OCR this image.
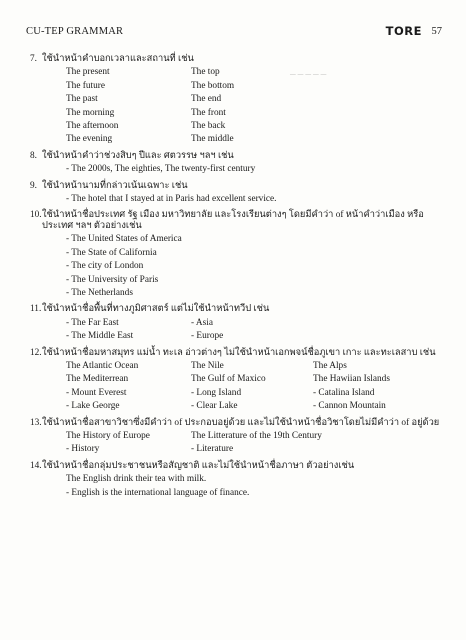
CU-TEP GRAMMAR	TORE 57
─ ─ ─ ─ ─
7. ใช้นำหน้าคำบอกเวลาและสถานที่ เช่น
The present	The top
The future	The bottom
The past	The end
The morning	The front
The afternoon	The back
The evening	The middle
8. ใช้นำหน้าคำว่าช่วงสิบๆ ปีและ ศตวรรษ ฯลฯ เช่น
- The 2000s, The eighties, The twenty-first century
9. ใช้นำหน้านามที่กล่าวเน้นเฉพาะ เช่น
- The hotel that I stayed at in Paris had excellent service.
10. ใช้นำหน้าชื่อประเทศ รัฐ เมือง มหาวิทยาลัย และโรงเรียนต่างๆ โดยมีคำว่า of หน้าคำว่าเมือง หรือประเทศ ฯลฯ ตัวอย่างเช่น
- The United States of America
- The State of California
- The city of London
- The University of Paris
- The Netherlands
11. ใช้นำหน้าชื่อพื้นที่ทางภูมิศาสตร์ แต่ไม่ใช้นำหน้าทวีป เช่น
- The Far East	- Asia
- The Middle East	- Europe
12. ใช้นำหน้าชื่อมหาสมุทร แม่น้ำ ทะเล อ่าวต่างๆ ไม่ใช้นำหน้าเอกพจน์ชื่อภูเขา เกาะ และทะเลสาบ เช่น
The Atlantic Ocean	The Nile	The Alps
The Mediterrean	The Gulf of Maxico	The Hawiian Islands
- Mount Everest	- Long Island	- Catalina Island
- Lake George	- Clear Lake	- Cannon Mountain
13. ใช้นำหน้าชื่อสาขาวิชาซึ่งมีคำว่า of ประกอบอยู่ด้วย และไม่ใช้นำหน้าชื่อวิชาโดยไม่มีคำว่า of อยู่ด้วย
The History of Europe	The Litterature of the 19th Century
- History	- Literature
14. ใช้นำหน้าชื่อกลุ่มประชาชนหรือสัญชาติ และไม่ใช้นำหน้าชื่อภาษา ตัวอย่างเช่น
The English drink their tea with milk.
- English is the international language of finance.
